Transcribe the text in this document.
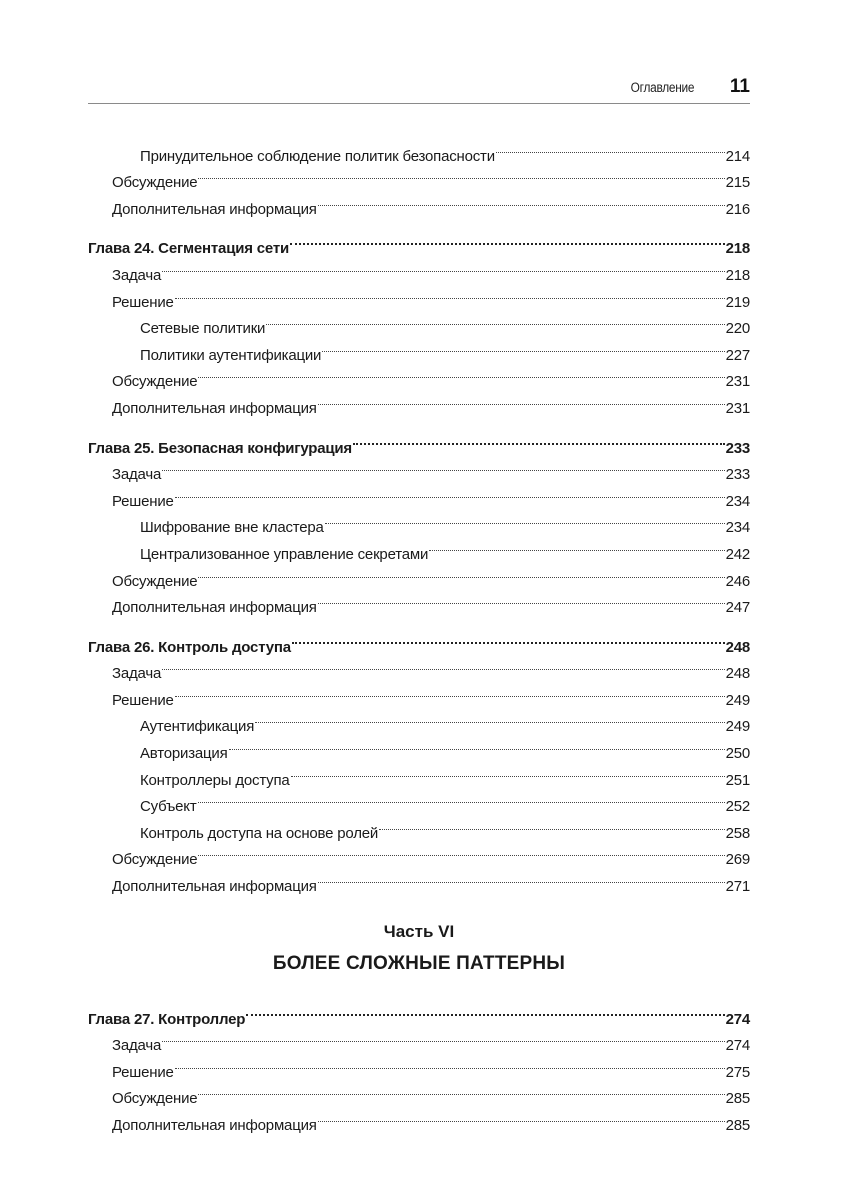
Оглавление 11
Принудительное соблюдение политик безопасности	214
Обсуждение	215
Дополнительная информация	216
Глава 24. Сегментация сети	218
Задача	218
Решение	219
Сетевые политики	220
Политики аутентификации	227
Обсуждение	231
Дополнительная информация	231
Глава 25. Безопасная конфигурация	233
Задача	233
Решение	234
Шифрование вне кластера	234
Централизованное управление секретами	242
Обсуждение	246
Дополнительная информация	247
Глава 26. Контроль доступа	248
Задача	248
Решение	249
Аутентификация	249
Авторизация	250
Контроллеры доступа	251
Субъект	252
Контроль доступа на основе ролей	258
Обсуждение	269
Дополнительная информация	271
Часть VI
БОЛЕЕ СЛОЖНЫЕ ПАТТЕРНЫ
Глава 27. Контроллер	274
Задача	274
Решение	275
Обсуждение	285
Дополнительная информация	285
